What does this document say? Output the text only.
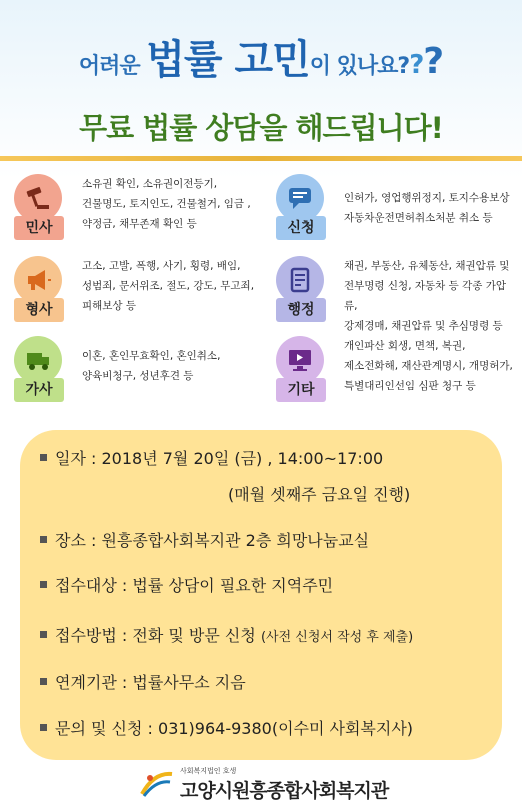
어려운 법률 고민이 있나요???
무료 법률 상담을 해드립니다!
민사
소유권 확인, 소유권이전등기,
건물명도, 토지인도, 건물철거, 임금 ,
약정금, 채무존재 확인 등	신청
인허가, 영업행위정지, 토지수용보상
자동차운전면허취소처분 취소 등
형사
고소, 고발, 폭행, 사기, 횡령, 배임,
성범죄, 문서위조, 절도, 강도, 무고죄,
피해보상 등	행정
채권, 부동산, 유체동산, 채권압류 및
전부명령 신청, 자동차 등 각종 가압류,
강제경매, 채권압류 및 추심명령 등
가사
이혼, 혼인무효확인, 혼인취소,
양육비청구, 성년후견 등
기타
개인파산 회생, 면책, 복권,
제소전화해, 재산관계명시, 개명허가,
특별대리인선임 심판 청구 등
일자 : 2018년 7월 20일 (금) , 14:00~17:00
(매월 셋째주 금요일 진행)
장소 : 원흥종합사회복지관 2층 희망나눔교실
접수대상 : 법률 상담이 필요한 지역주민
접수방법 : 전화 및 방문 신청 (사전 신청서 작성 후 제출)
연계기관 : 법률사무소 지음
문의 및 신청 : 031)964-9380(이수미 사회복지사)
사회복지법인 호생
고양시원흥종합사회복지관
